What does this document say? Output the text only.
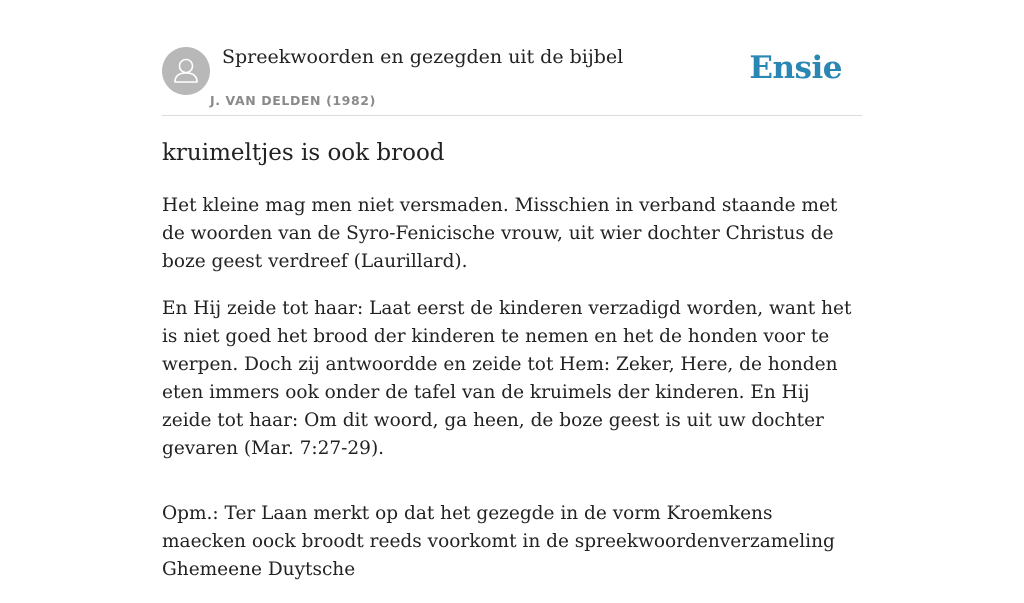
Spreekwoorden en gezegden uit de bijbel
J. VAN DELDEN (1982)
Ensie
kruimeltjes is ook brood

Het kleine mag men niet versmaden. Misschien in verband staande met de woorden van de Syro-Fenicische vrouw, uit wier dochter Christus de boze geest verdreef (Laurillard).

En Hij zeide tot haar: Laat eerst de kinderen verzadigd worden, want het is niet goed het brood der kinderen te nemen en het de honden voor te werpen. Doch zij antwoordde en zeide tot Hem: Zeker, Here, de honden eten immers ook onder de tafel van de kruimels der kinderen. En Hij zeide tot haar: Om dit woord, ga heen, de boze geest is uit uw dochter gevaren (Mar. 7:27-29).

Opm.: Ter Laan merkt op dat het gezegde in de vorm Kroemkens maecken oock broodt reeds voorkomt in de spreekwoordenverzameling Ghemeene Duytsche
